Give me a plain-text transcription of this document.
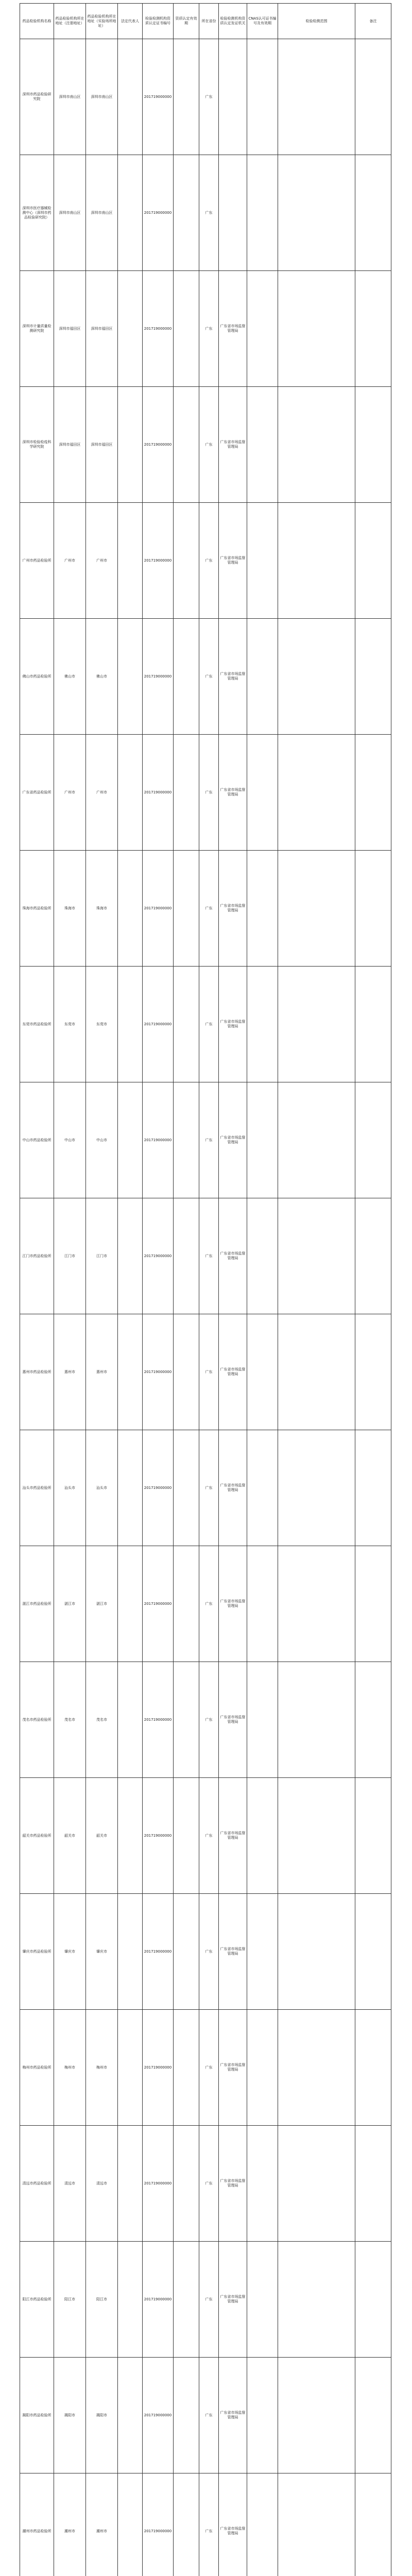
药品检验机构名称	药品检验机构所在地址（注册地址）	药品检验机构所在地址（实验场所地址）	法定代表人	检验检测机构资质认定证书编号	资质认定有效期	所在省份	检验检测机构资质认定发证机关	CNAS认可证书编号及有效期	检验检测范围	备注
深圳市药品检验研究院	深圳市南山区	深圳市南山区		201719000000		广东				
深圳市医疗器械检测中心（深圳市药品检验研究院）	深圳市南山区	深圳市南山区		201719000000		广东				
深圳市计量质量检测研究院	深圳市福田区	深圳市福田区		201719000000		广东	广东省市场监督管理局			
深圳市检验检疫科学研究院	深圳市福田区	深圳市福田区		201719000000		广东	广东省市场监督管理局			
广州市药品检验所	广州市	广州市		201719000000		广东	广东省市场监督管理局			
佛山市药品检验所	佛山市	佛山市		201719000000		广东	广东省市场监督管理局			
广东省药品检验所	广州市	广州市		201719000000		广东	广东省市场监督管理局			
珠海市药品检验所	珠海市	珠海市		201719000000		广东	广东省市场监督管理局			
东莞市药品检验所	东莞市	东莞市		201719000000		广东	广东省市场监督管理局			
中山市药品检验所	中山市	中山市		201719000000		广东	广东省市场监督管理局			
江门市药品检验所	江门市	江门市		201719000000		广东	广东省市场监督管理局			
惠州市药品检验所	惠州市	惠州市		201719000000		广东	广东省市场监督管理局			
汕头市药品检验所	汕头市	汕头市		201719000000		广东	广东省市场监督管理局			
湛江市药品检验所	湛江市	湛江市		201719000000		广东	广东省市场监督管理局			
茂名市药品检验所	茂名市	茂名市		201719000000		广东	广东省市场监督管理局			
韶关市药品检验所	韶关市	韶关市		201719000000		广东	广东省市场监督管理局			
肇庆市药品检验所	肇庆市	肇庆市		201719000000		广东	广东省市场监督管理局			
梅州市药品检验所	梅州市	梅州市		201719000000		广东	广东省市场监督管理局			
清远市药品检验所	清远市	清远市		201719000000		广东	广东省市场监督管理局			
阳江市药品检验所	阳江市	阳江市		201719000000		广东	广东省市场监督管理局			
揭阳市药品检验所	揭阳市	揭阳市		201719000000		广东	广东省市场监督管理局			
潮州市药品检验所	潮州市	潮州市		201719000000		广东	广东省市场监督管理局			
